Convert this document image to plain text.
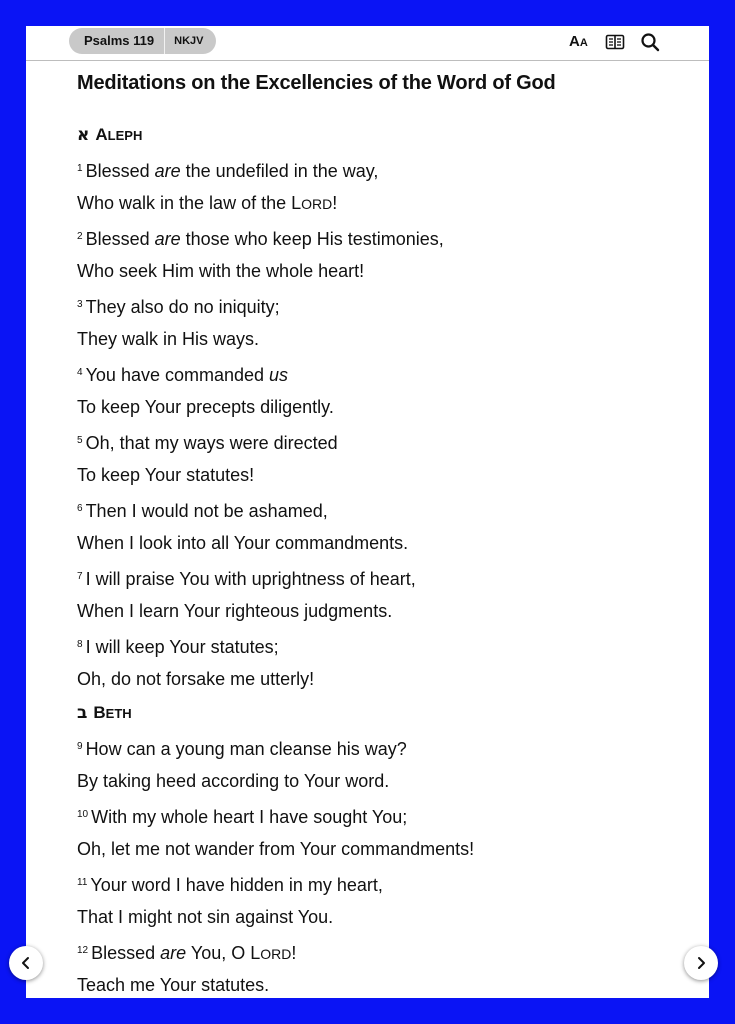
Psalms 119	NKJV	AA
Meditations on the Excellencies of the Word of God
א ALEPH
$^1$ Blessed are the undefiled in the way,
Who walk in the law of the LORD!
$^2$ Blessed are those who keep His testimonies,
Who seek Him with the whole heart!
$^3$ They also do no iniquity;
They walk in His ways.
$^4$ You have commanded us
To keep Your precepts diligently.
$^5$ Oh, that my ways were directed
To keep Your statutes!
$^6$ Then I would not be ashamed,
When I look into all Your commandments.
$^7$ I will praise You with uprightness of heart,
When I learn Your righteous judgments.
$^8$ I will keep Your statutes;
Oh, do not forsake me utterly!
ב BETH
$^9$ How can a young man cleanse his way?
By taking heed according to Your word.
$^{10}$ With my whole heart I have sought You;
Oh, let me not wander from Your commandments!
$^{11}$ Your word I have hidden in my heart,
That I might not sin against You.
$^{12}$ Blessed are You, O LORD!
Teach me Your statutes.
